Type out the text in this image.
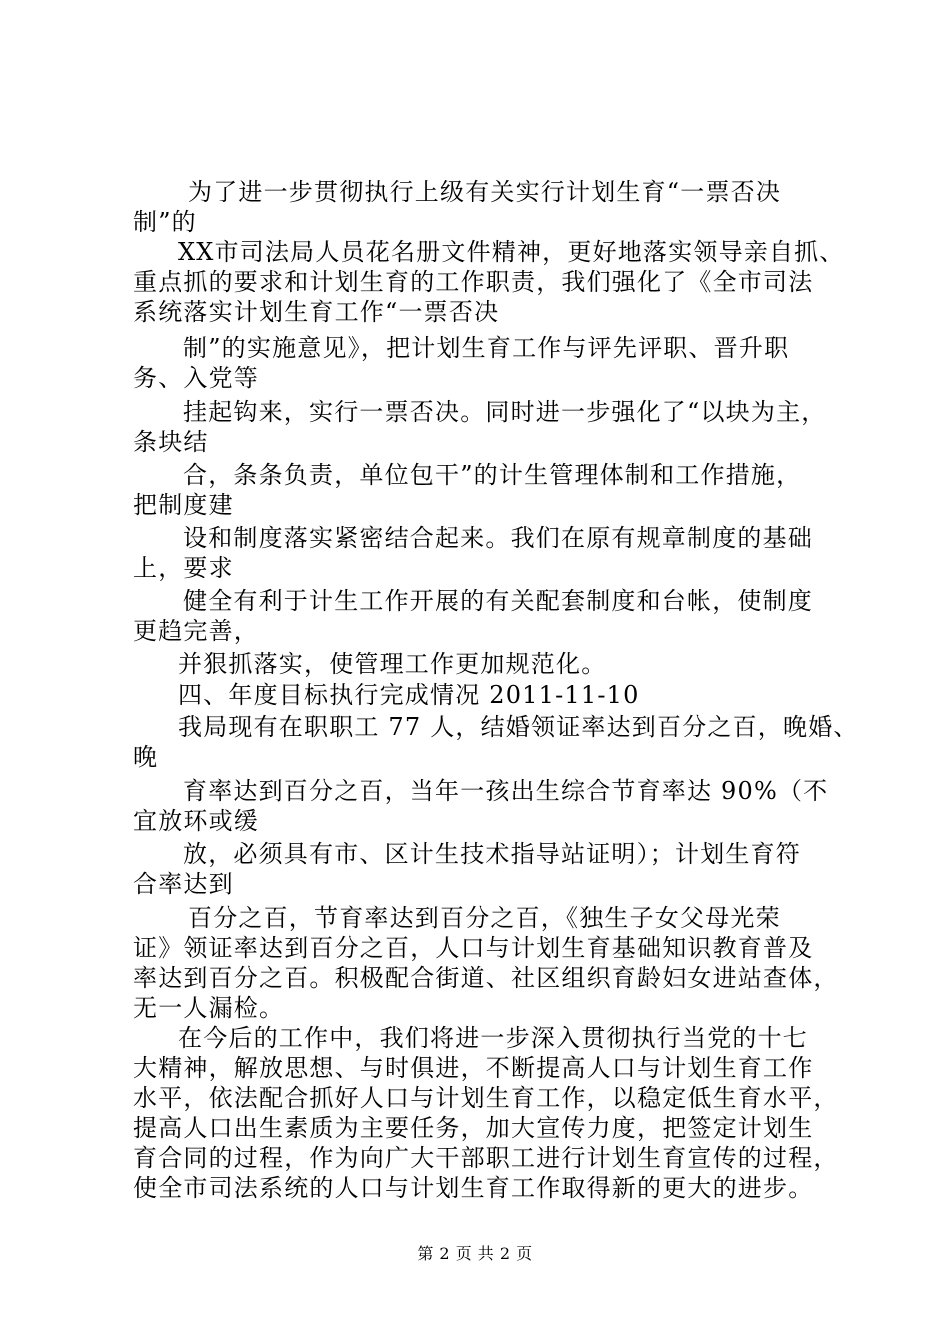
为了进一步贯彻执行上级有关实行计划生育“一票否决
制”的
XX市司法局人员花名册文件精神，更好地落实领导亲自抓、
重点抓的要求和计划生育的工作职责，我们强化了《全市司法
系统落实计划生育工作“一票否决
制”的实施意见》，把计划生育工作与评先评职、晋升职
务、入党等
挂起钩来，实行一票否决。同时进一步强化了“以块为主，
条块结
合，条条负责，单位包干”的计生管理体制和工作措施，
把制度建
设和制度落实紧密结合起来。我们在原有规章制度的基础
上，要求
健全有利于计生工作开展的有关配套制度和台帐，使制度
更趋完善，
并狠抓落实，使管理工作更加规范化。
四、年度目标执行完成情况 2011-11-10
我局现有在职职工 77 人，结婚领证率达到百分之百，晚婚、
晚
育率达到百分之百，当年一孩出生综合节育率达 90%（不
宜放环或缓
放，必须具有市、区计生技术指导站证明）；计划生育符
合率达到
百分之百，节育率达到百分之百，《独生子女父母光荣
证》领证率达到百分之百，人口与计划生育基础知识教育普及
率达到百分之百。积极配合街道、社区组织育龄妇女进站查体，
无一人漏检。
在今后的工作中，我们将进一步深入贯彻执行当党的十七
大精神，解放思想、与时俱进，不断提高人口与计划生育工作
水平，依法配合抓好人口与计划生育工作，以稳定低生育水平，
提高人口出生素质为主要任务，加大宣传力度，把签定计划生
育合同的过程，作为向广大干部职工进行计划生育宣传的过程，
使全市司法系统的人口与计划生育工作取得新的更大的进步。
第 2 页 共 2 页
